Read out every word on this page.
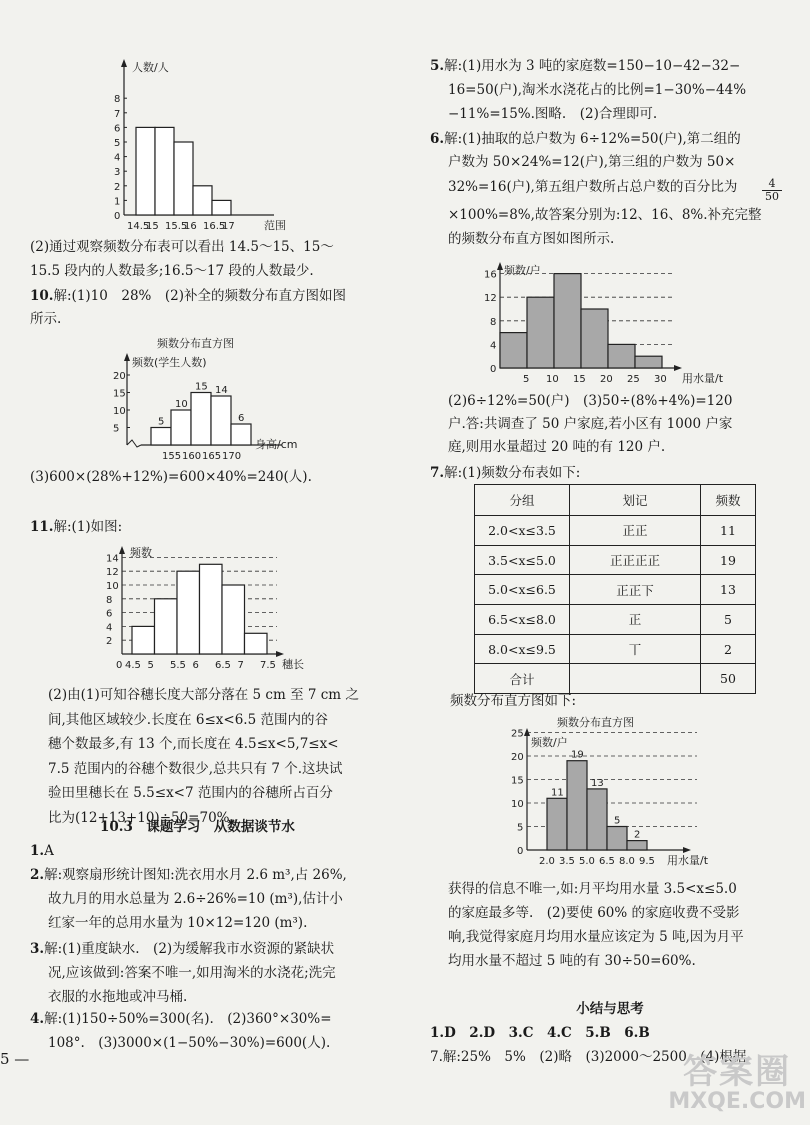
人数/人
0
1
2
3
4
5
6
7
8
14.5
15 15.5
16 16.5
17	范围
(2)通过观察频数分布表可以看出 14.5～15、15～
15.5 段内的人数最多;16.5～17 段的人数最少.
10.解:(1)10　28%　(2)补全的频数分布直方图如图
所示.
频数分布直方图
频数(学生人数)
5
10
15
20
5
10
15 14
6
155 160 165 170
身高/cm
(3)600×(28%+12%)=600×40%=240(人).
11.解:(1)如图:
频数
2
4
6
8
10
12
14
0 4.5 5 5.5 6 6.5 7 7.5 穗长
(2)由(1)可知谷穗长度大部分落在 5 cm 至 7 cm 之
间,其他区域较少.长度在 6≤x<6.5 范围内的谷
穗个数最多,有 13 个,而长度在 4.5≤x<5,7≤x<
7.5 范围内的谷穗个数很少,总共只有 7 个.这块试
验田里穗长在 5.5≤x<7 范围内的谷穗所占百分
比为(12+13+10)÷50=70%.
10.3　课题学习　从数据谈节水
1.A
2.解:观察扇形统计图知:洗衣用水月 2.6 m³,占 26%,
故九月的用水总量为 2.6÷26%=10 (m³),估计小
红家一年的总用水量为 10×12=120 (m³).
3.解:(1)重度缺水.　(2)为缓解我市水资源的紧缺状
况,应该做到:答案不唯一,如用淘米的水浇花;洗完
衣服的水拖地或冲马桶.
4.解:(1)150÷50%=300(名).　(2)360°×30%=
108°.　(3)3000×(1−50%−30%)=600(人).
5 —
5.解:(1)用水为 3 吨的家庭数=150−10−42−32−
16=50(户),淘米水浇花占的比例=1−30%−44%
−11%=15%.图略.　(2)合理即可.
6.解:(1)抽取的总户数为 6÷12%=50(户),第二组的
户数为 50×24%=12(户),第三组的户数为 50×
32%=16(户),第五组户数所占总户数的百分比为
×100%=8%,故答案分别为:12、16、8%.补充完整
的频数分布直方图如图所示.
$\frac{4}{50}$
频数/户
0
4
8
12
16
5 10 15 20 25 30 用水量/t
(2)6÷12%=50(户)　(3)50÷(8%+4%)=120
户.答:共调查了 50 户家庭,若小区有 1000 户家
庭,则用水量超过 20 吨的有 120 户.
7.解:(1)频数分布表如下:
分组	划记	频数
2.0<x≤3.5	正正	11
3.5<x≤5.0	正正正正	19
5.0<x≤6.5	正正下	13
6.5<x≤8.0	正	5
8.0<x≤9.5	丅	2
合计		50
频数分布直方图如下:
频数分布直方图
频数/户
0
5
10
15
20
25
11
19
13
5
2
2.0 3.5 5.0 6.5 8.0 9.5 用水量/t
获得的信息不唯一,如:月平均用水量 3.5<x≤5.0
的家庭最多等.　(2)要使 60% 的家庭收费不受影
响,我觉得家庭月均用水量应该定为 5 吨,因为月平
均用水量不超过 5 吨的有 30÷50=60%.
小结与思考
1.D　2.D　3.C　4.C　5.B　6.B
7.解:25%　5%　(2)略　(3)2000～2500　(4)根据
答案圈
MXQE.COM
